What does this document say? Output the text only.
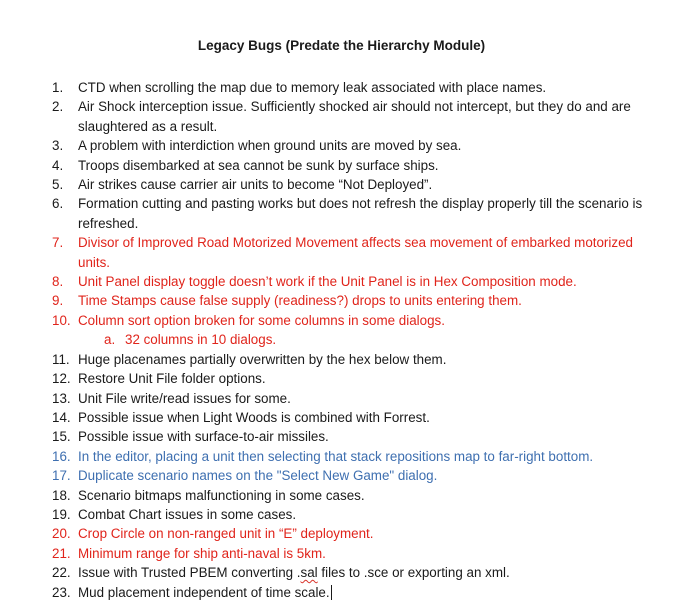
Legacy Bugs (Predate the Hierarchy Module)
1. CTD when scrolling the map due to memory leak associated with place names.
2. Air Shock interception issue. Sufficiently shocked air should not intercept, but they do and are slaughtered as a result.
3. A problem with interdiction when ground units are moved by sea.
4. Troops disembarked at sea cannot be sunk by surface ships.
5. Air strikes cause carrier air units to become “Not Deployed”.
6. Formation cutting and pasting works but does not refresh the display properly till the scenario is refreshed.
7. Divisor of Improved Road Motorized Movement affects sea movement of embarked motorized units.
8. Unit Panel display toggle doesn’t work if the Unit Panel is in Hex Composition mode.
9. Time Stamps cause false supply (readiness?) drops to units entering them.
10. Column sort option broken for some columns in some dialogs.
a. 32 columns in 10 dialogs.
11. Huge placenames partially overwritten by the hex below them.
12. Restore Unit File folder options.
13. Unit File write/read issues for some.
14. Possible issue when Light Woods is combined with Forrest.
15. Possible issue with surface-to-air missiles.
16. In the editor, placing a unit then selecting that stack repositions map to far-right bottom.
17. Duplicate scenario names on the "Select New Game" dialog.
18. Scenario bitmaps malfunctioning in some cases.
19. Combat Chart issues in some cases.
20. Crop Circle on non-ranged unit in “E” deployment.
21. Minimum range for ship anti-naval is 5km.
22. Issue with Trusted PBEM converting .sal files to .sce or exporting an xml.
23. Mud placement independent of time scale.
